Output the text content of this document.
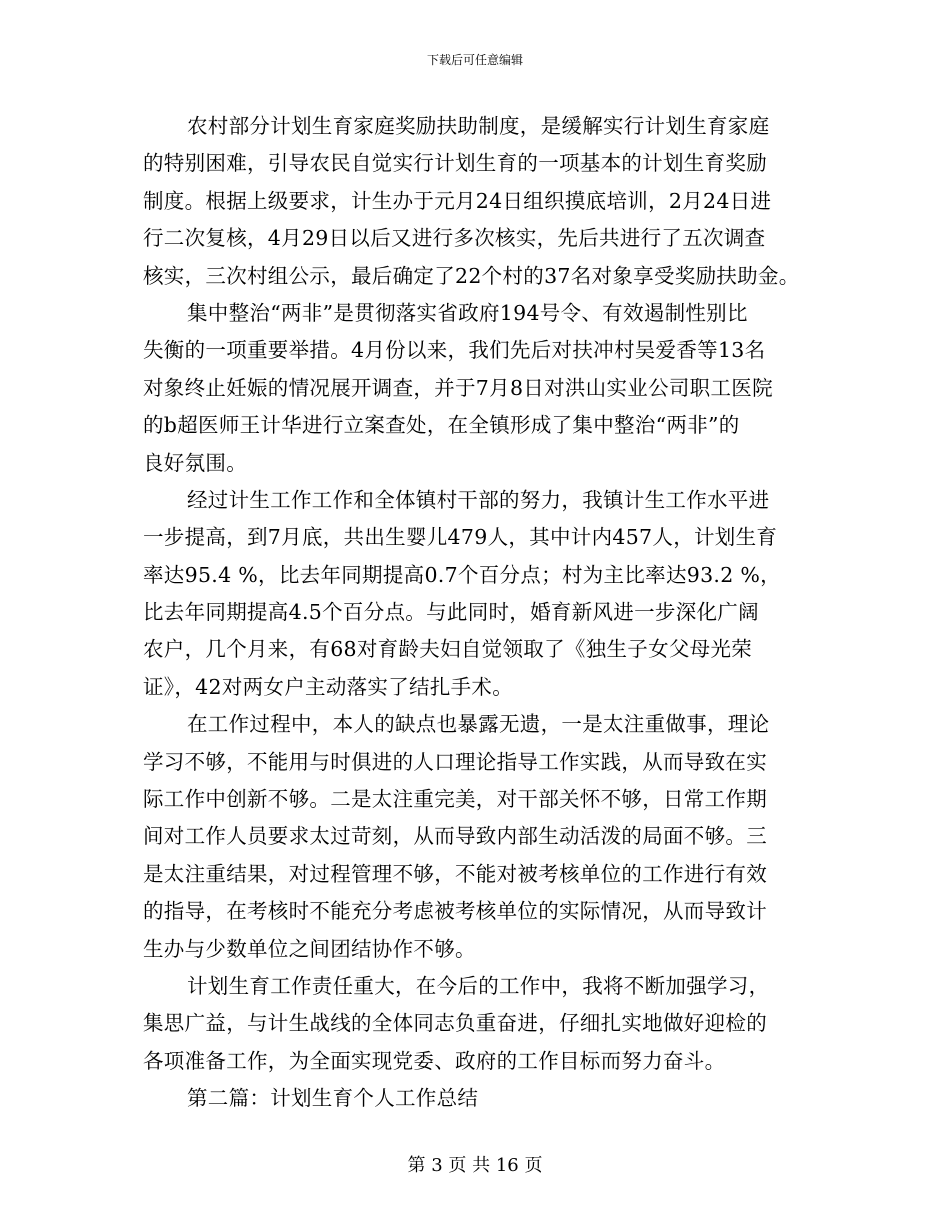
下载后可任意编辑
农村部分计划生育家庭奖励扶助制度，是缓解实行计划生育家庭
的特别困难，引导农民自觉实行计划生育的一项基本的计划生育奖励
制度。根据上级要求，计生办于元月24日组织摸底培训，2月24日进
行二次复核，4月29日以后又进行多次核实，先后共进行了五次调查
核实，三次村组公示，最后确定了22个村的37名对象享受奖励扶助金。
集中整治“两非”是贯彻落实省政府194号令、有效遏制性别比
失衡的一项重要举措。4月份以来，我们先后对扶冲村吴爱香等13名
对象终止妊娠的情况展开调查，并于7月8日对洪山实业公司职工医院
的b超医师王计华进行立案查处，在全镇形成了集中整治“两非”的
良好氛围。
经过计生工作工作和全体镇村干部的努力，我镇计生工作水平进
一步提高，到7月底，共出生婴儿479人，其中计内457人，计划生育
率达95.4 %，比去年同期提高0.7个百分点；村为主比率达93.2 %，
比去年同期提高4.5个百分点。与此同时，婚育新风进一步深化广阔
农户，几个月来，有68对育龄夫妇自觉领取了《独生子女父母光荣
证》，42对两女户主动落实了结扎手术。
在工作过程中，本人的缺点也暴露无遗，一是太注重做事，理论
学习不够，不能用与时俱进的人口理论指导工作实践，从而导致在实
际工作中创新不够。二是太注重完美，对干部关怀不够，日常工作期
间对工作人员要求太过苛刻，从而导致内部生动活泼的局面不够。三
是太注重结果，对过程管理不够，不能对被考核单位的工作进行有效
的指导，在考核时不能充分考虑被考核单位的实际情况，从而导致计
生办与少数单位之间团结协作不够。
计划生育工作责任重大，在今后的工作中，我将不断加强学习，
集思广益，与计生战线的全体同志负重奋进，仔细扎实地做好迎检的
各项准备工作，为全面实现党委、政府的工作目标而努力奋斗。
第二篇：计划生育个人工作总结
第 3 页 共 16 页
